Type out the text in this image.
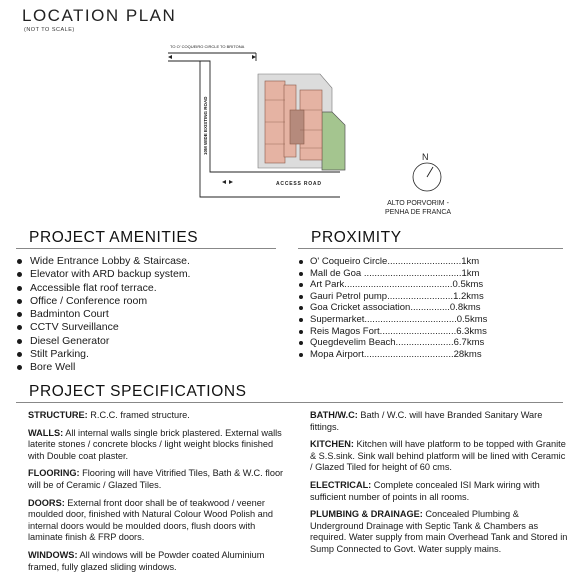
LOCATION PLAN
(NOT TO SCALE)
TO O' COQUEIRO CIRCLE TO BRITONA
10M WIDE EXISTING ROAD
ACCESS ROAD
N
ALTO PORVORIM -
PENHA DE FRANCA
PROJECT AMENITIES
Wide Entrance Lobby & Staircase.
Elevator with ARD backup system.
Accessible flat roof terrace.
Office / Conference room
Badminton Court
CCTV Surveillance
Diesel Generator
Stilt Parking.
Bore Well
PROXIMITY
O' Coqueiro Circle............................1km
Mall de Goa .....................................1km
Art Park.........................................0.5kms
Gauri Petrol pump.........................1.2kms
Goa Cricket association...............0.8kms
Supermarket...................................0.5kms
Reis Magos Fort.............................6.3kms
Quegdevelim Beach......................6.7kms
Mopa Airport..................................28kms
PROJECT SPECIFICATIONS

STRUCTURE: R.C.C. framed structure.

WALLS: All internal walls single brick plastered. External walls laterite stones / concrete blocks / light weight blocks finished with Double coat plaster.

FLOORING: Flooring will have Vitrified Tiles, Bath & W.C. floor will be of Ceramic / Glazed Tiles.

DOORS: External front door shall be of teakwood / veener moulded door, finished with Natural Colour Wood Polish and internal doors would be moulded doors, flush doors with laminate finish & FRP doors.

WINDOWS: All windows will be Powder coated Aluminium framed, fully glazed sliding windows.

BATH/W.C: Bath / W.C. will have Branded Sanitary Ware fittings.

KITCHEN: Kitchen will have platform to be topped with Granite & S.S.sink. Sink wall behind platform will be lined with Ceramic / Glazed Tiled for height of 60 cms.

ELECTRICAL: Complete concealed ISI Mark wiring with sufficient number of points in all rooms.

PLUMBING & DRAINAGE: Concealed Plumbing & Underground Drainage with Septic Tank & Chambers as required. Water supply from main Overhead Tank and Stored in Sump Connected to Govt. Water supply mains.
